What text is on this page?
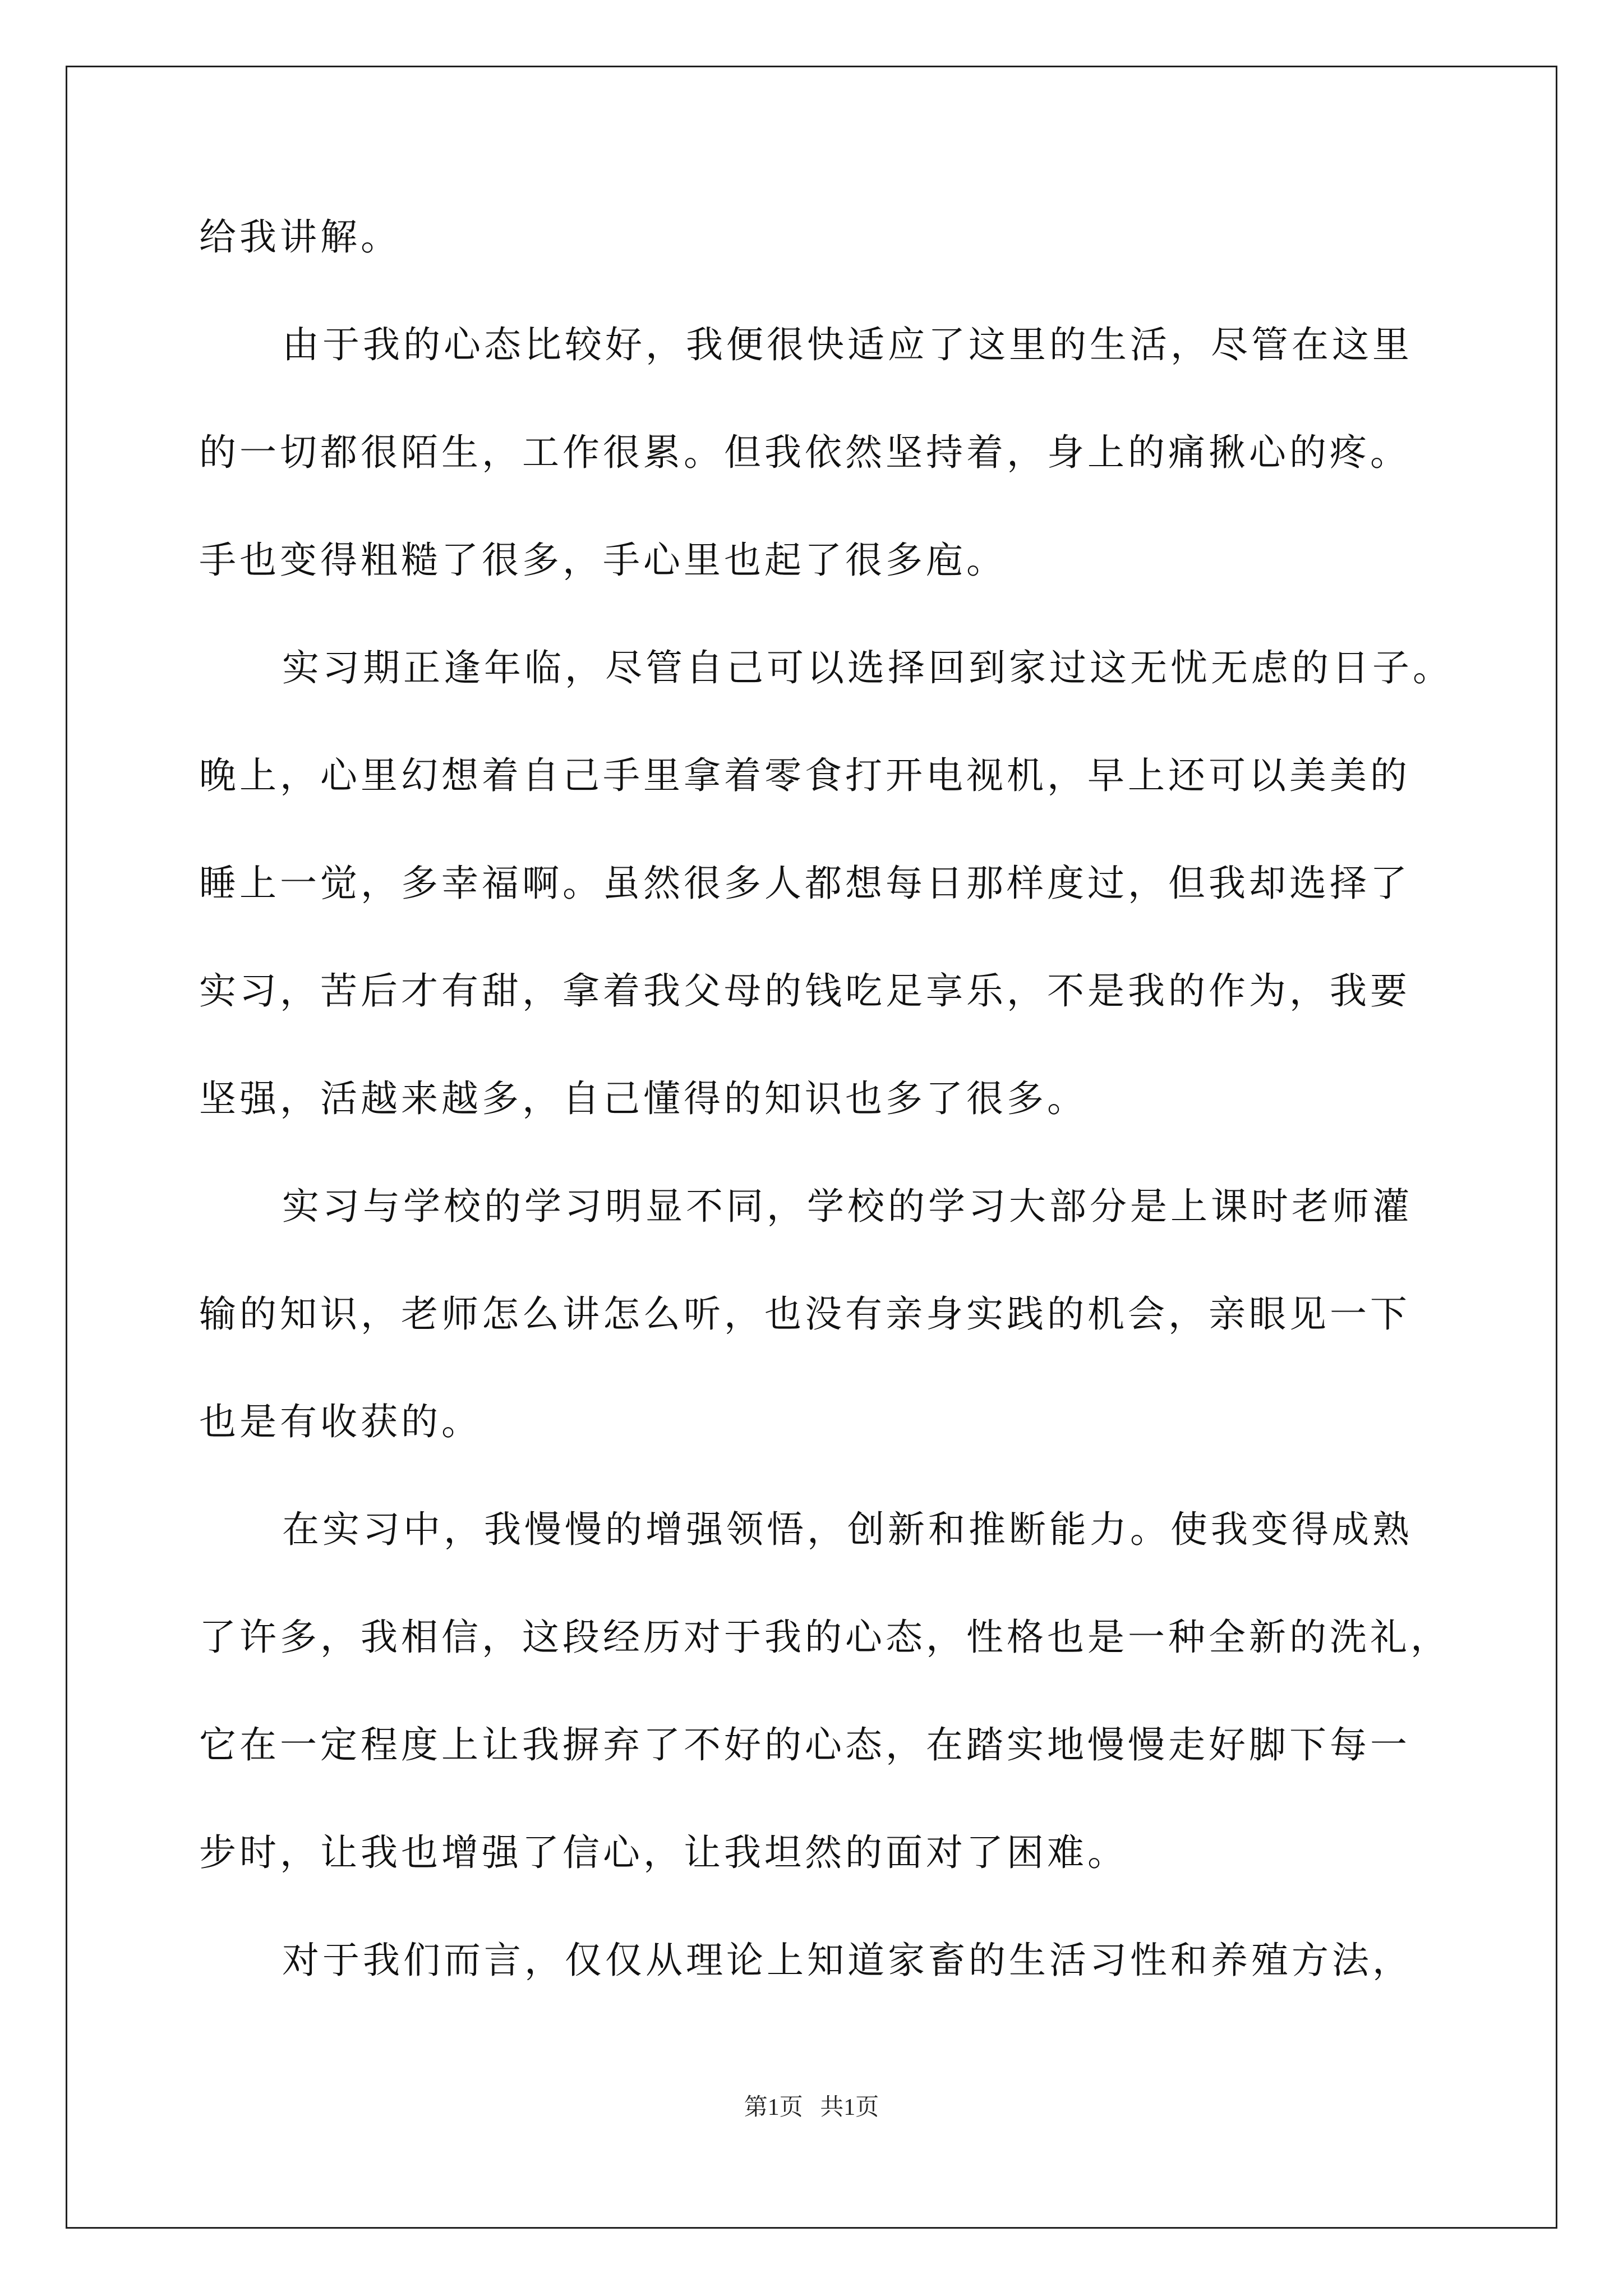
给我讲解。
由于我的心态比较好，我便很快适应了这里的生活，尽管在这里
的一切都很陌生，工作很累。但我依然坚持着，身上的痛揪心的疼。
手也变得粗糙了很多，手心里也起了很多庖。
实习期正逢年临，尽管自己可以选择回到家过这无忧无虑的日子。
晚上，心里幻想着自己手里拿着零食打开电视机，早上还可以美美的
睡上一觉，多幸福啊。虽然很多人都想每日那样度过，但我却选择了
实习，苦后才有甜，拿着我父母的钱吃足享乐，不是我的作为，我要
坚强，活越来越多，自己懂得的知识也多了很多。
实习与学校的学习明显不同，学校的学习大部分是上课时老师灌
输的知识，老师怎么讲怎么听，也没有亲身实践的机会，亲眼见一下
也是有收获的。
在实习中，我慢慢的增强领悟，创新和推断能力。使我变得成熟
了许多，我相信，这段经历对于我的心态，性格也是一种全新的洗礼，
它在一定程度上让我摒弃了不好的心态，在踏实地慢慢走好脚下每一
步时，让我也增强了信心，让我坦然的面对了困难。
对于我们而言，仅仅从理论上知道家畜的生活习性和养殖方法，
第1页 共1页
